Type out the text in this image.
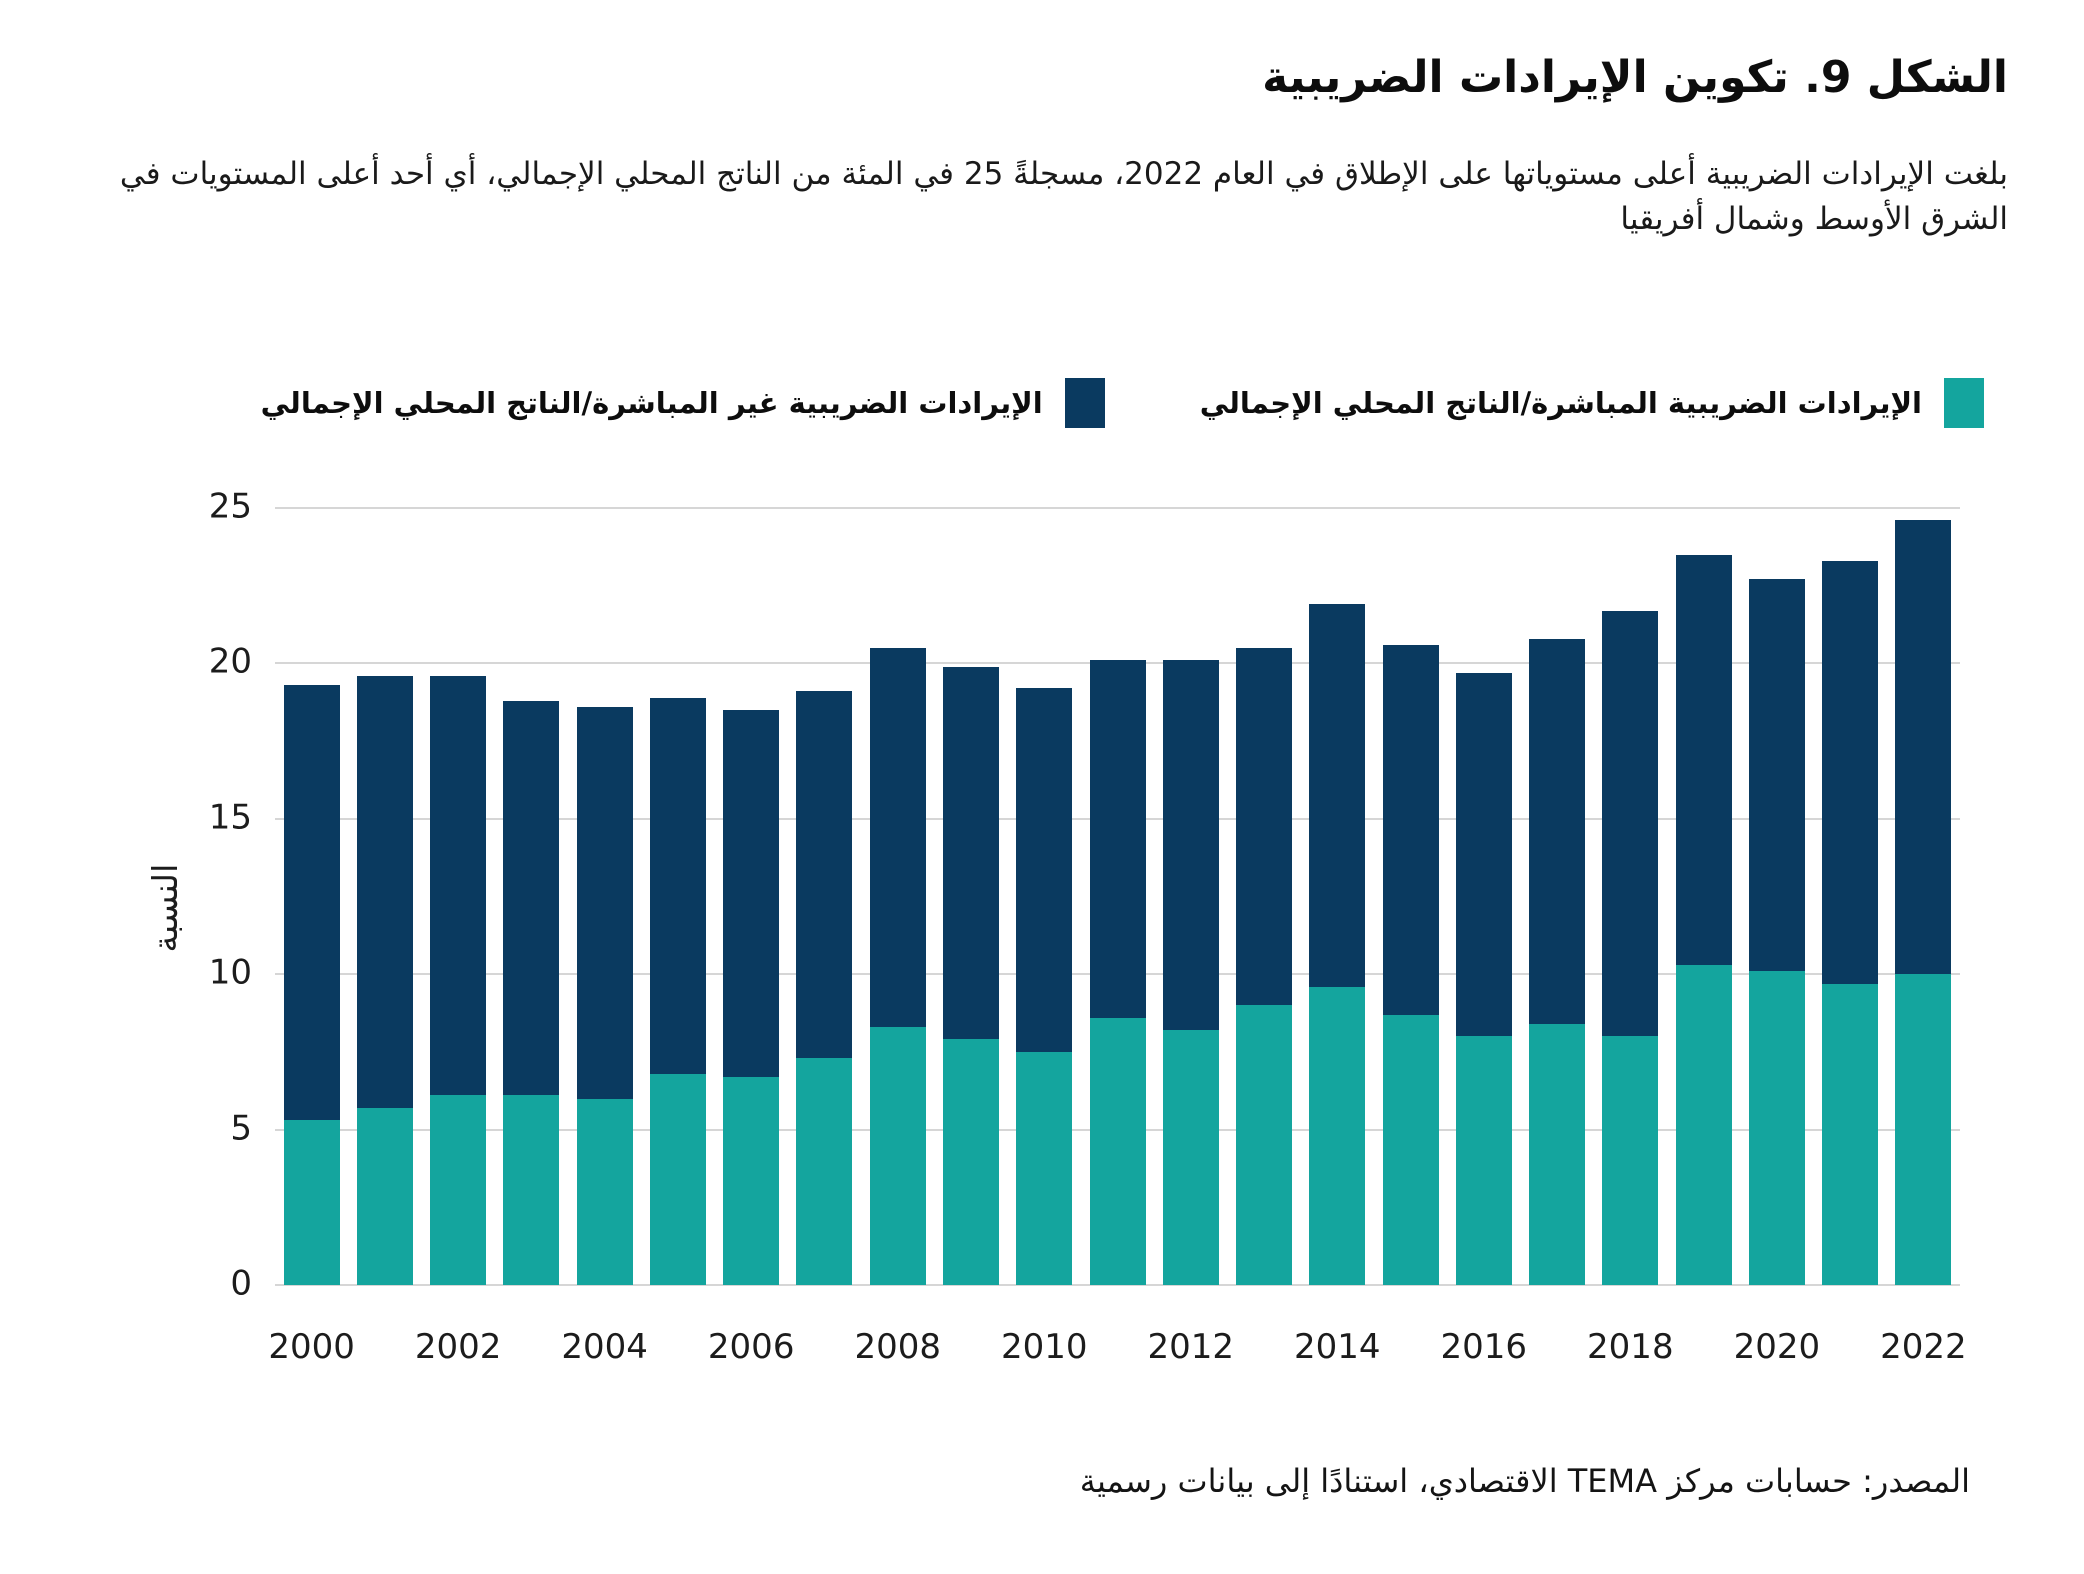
الشكل 9. تكوين الإيرادات الضريبية

بلغت الإيرادات الضريبية أعلى مستوياتها على الإطلاق في العام 2022، مسجلةً 25 في المئة من الناتج المحلي الإجمالي، أي أحد أعلى المستويات في الشرق الأوسط وشمال أفريقيا

الإيرادات الضريبية المباشرة/الناتج المحلي الإجمالي
الإيرادات الضريبية غير المباشرة/الناتج المحلي الإجمالي
النسبة
0
5
10
15
20
25
2000 2002 2004 2006 2008 2010 2012 2014 2016 2018 2020 2022

المصدر: حسابات مركز TEMA الاقتصادي، استنادًا إلى بيانات رسمية
